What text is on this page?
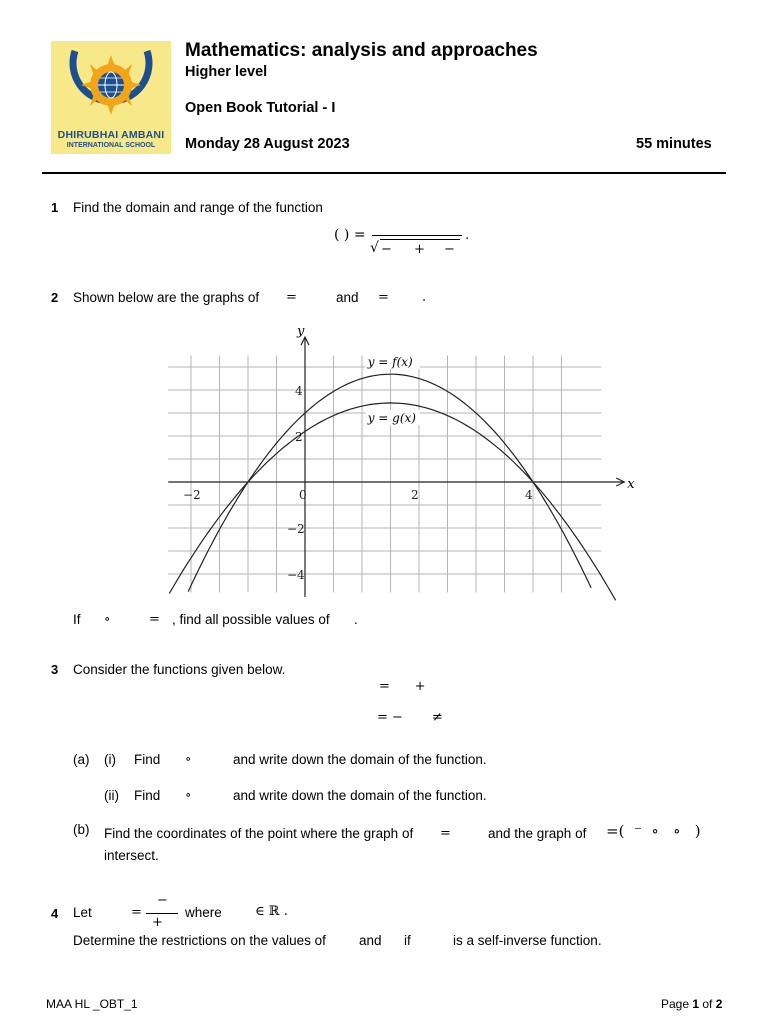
DHIRUBHAI AMBANI
INTERNATIONAL SCHOOL
Mathematics: analysis and approaches
Higher level
Open Book Tutorial - I
Monday 28 August 2023	55 minutes
1 Find the domain and range of the function
( ) =
√ − + −
.
2 Shown below are the graphs of =	and =	.
x
y
−2	0	2	4
4
2
−2
−4
y = f(x)
y = g(x)
If ∘	= , find all possible values of .
3 Consider the functions given below.
=      +
= −       ≠
(a) (i) Find ∘	and write down the domain of the function.
(ii) Find ∘	and write down the domain of the function.
(b) Find the coordinates of the point where the graph of =	and the graph of =(  ⁻  ∘   ∘   )
intersect.
4 Let	=
−
+
where	∈ ℝ .
Determine the restrictions on the values of and if	is a self-inverse function.
MAA HL _OBT_1	Page 1 of 2
